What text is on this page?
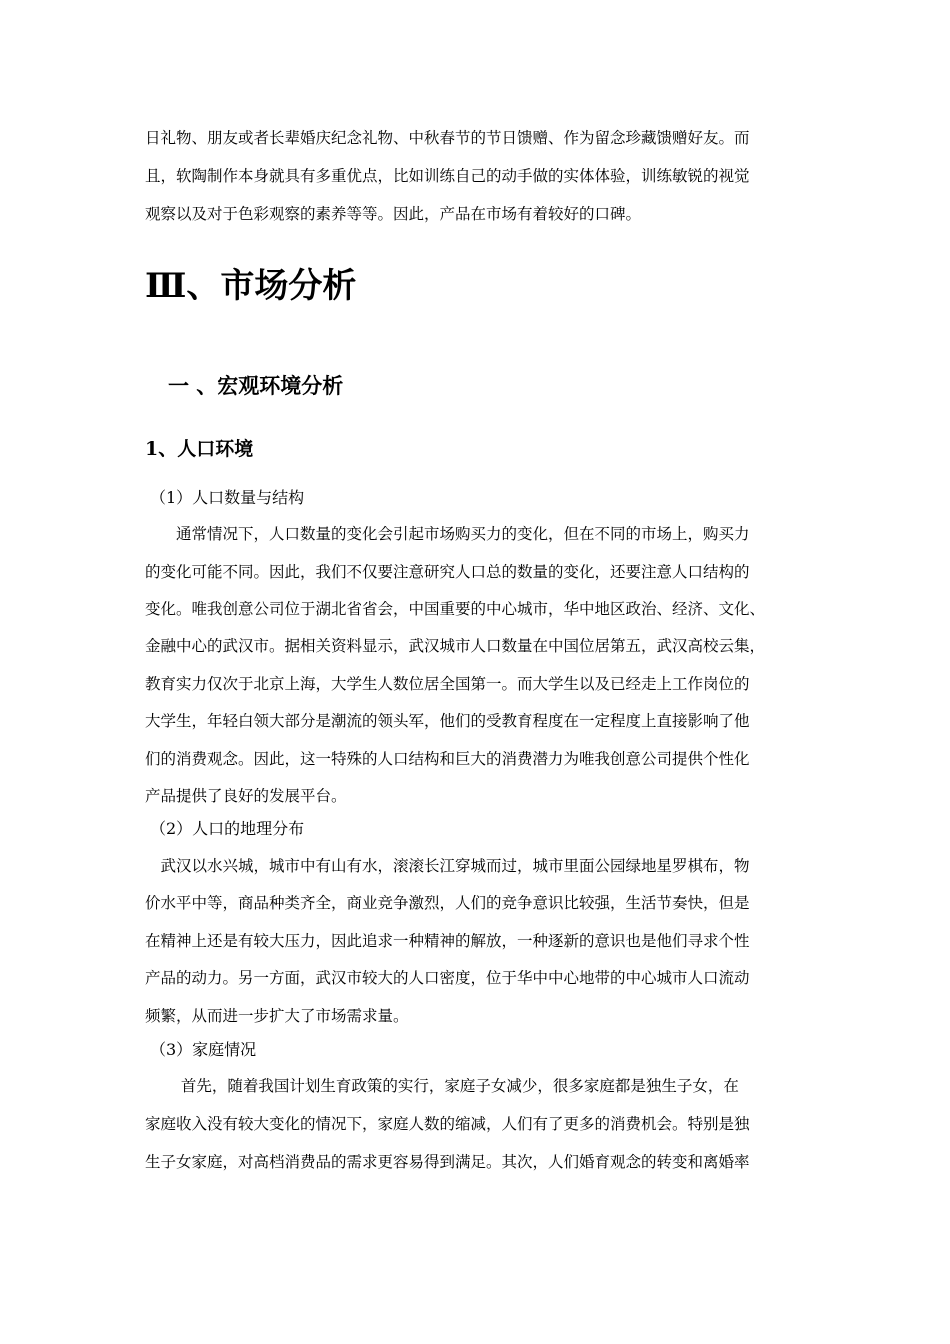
日礼物、朋友或者长辈婚庆纪念礼物、中秋春节的节日馈赠、作为留念珍藏馈赠好友。而
且，软陶制作本身就具有多重优点，比如训练自己的动手做的实体体验，训练敏锐的视觉
观察以及对于色彩观察的素养等等。因此，产品在市场有着较好的口碑。
Ⅲ、市场分析
一 、宏观环境分析
1、人口环境
（1）人口数量与结构
　　通常情况下，人口数量的变化会引起市场购买力的变化，但在不同的市场上，购买力
的变化可能不同。因此，我们不仅要注意研究人口总的数量的变化，还要注意人口结构的
变化。唯我创意公司位于湖北省省会，中国重要的中心城市，华中地区政治、经济、文化、
金融中心的武汉市。据相关资料显示，武汉城市人口数量在中国位居第五，武汉高校云集，
教育实力仅次于北京上海，大学生人数位居全国第一。而大学生以及已经走上工作岗位的
大学生，年轻白领大部分是潮流的领头军，他们的受教育程度在一定程度上直接影响了他
们的消费观念。因此，这一特殊的人口结构和巨大的消费潜力为唯我创意公司提供个性化
产品提供了良好的发展平台。
（2）人口的地理分布
　武汉以水兴城，城市中有山有水，滚滚长江穿城而过，城市里面公园绿地星罗棋布，物
价水平中等，商品种类齐全，商业竞争激烈，人们的竞争意识比较强，生活节奏快，但是
在精神上还是有较大压力，因此追求一种精神的解放，一种逐新的意识也是他们寻求个性
产品的动力。另一方面，武汉市较大的人口密度，位于华中中心地带的中心城市人口流动
频繁，从而进一步扩大了市场需求量。
（3）家庭情况
　　 首先，随着我国计划生育政策的实行，家庭子女减少，很多家庭都是独生子女，在
家庭收入没有较大变化的情况下，家庭人数的缩减，人们有了更多的消费机会。特别是独
生子女家庭，对高档消费品的需求更容易得到满足。其次，人们婚育观念的转变和离婚率
